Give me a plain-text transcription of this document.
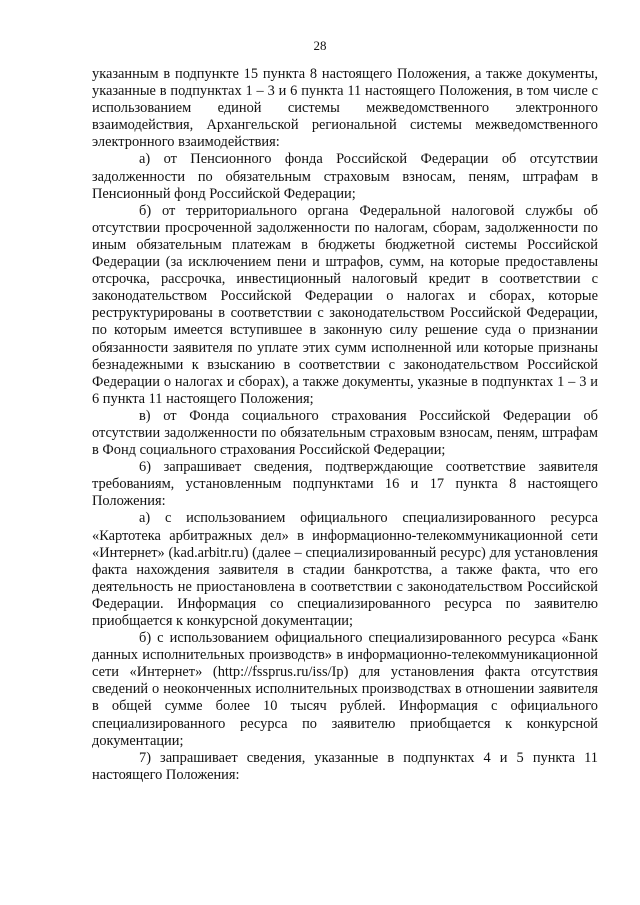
28

указанным в подпункте 15 пункта 8 настоящего Положения, а также документы, указанные в подпунктах 1 – 3 и 6 пункта 11 настоящего Положения, в том числе с использованием единой системы межведомственного электронного взаимодействия, Архангельской региональной системы межведомственного электронного взаимодействия:

а) от Пенсионного фонда Российской Федерации об отсутствии задолженности по обязательным страховым взносам, пеням, штрафам в Пенсионный фонд Российской Федерации;

б) от территориального органа Федеральной налоговой службы об отсутствии просроченной задолженности по налогам, сборам, задолженности по иным обязательным платежам в бюджеты бюджетной системы Российской Федерации (за исключением пени и штрафов, сумм, на которые предоставлены отсрочка, рассрочка, инвестиционный налоговый кредит в соответствии с законодательством Российской Федерации о налогах и сборах, которые реструктурированы в соответствии с законодательством Российской Федерации, по которым имеется вступившее в законную силу решение суда о признании обязанности заявителя по уплате этих сумм исполненной или которые признаны безнадежными к взысканию в соответствии с законодательством Российской Федерации о налогах и сборах), а также документы, указные в подпунктах 1 – 3 и 6 пункта 11 настоящего Положения;

в) от Фонда социального страхования Российской Федерации об отсутствии задолженности по обязательным страховым взносам, пеням, штрафам в Фонд социального страхования Российской Федерации;

6) запрашивает сведения, подтверждающие соответствие заявителя требованиям, установленным подпунктами 16 и 17 пункта 8 настоящего Положения:

а) с использованием официального специализированного ресурса «Картотека арбитражных дел» в информационно-телекоммуникационной сети «Интернет» (kad.arbitr.ru) (далее – специализированный ресурс) для установления факта нахождения заявителя в стадии банкротства, а также факта, что его деятельность не приостановлена в соответствии с законодательством Российской Федерации. Информация со специализированного ресурса по заявителю приобщается к конкурсной документации;

б) с использованием официального специализированного ресурса «Банк данных исполнительных производств» в информационно-телекоммуникационной сети «Интернет» (http://fssprus.ru/iss/Ip) для установления факта отсутствия сведений о неоконченных исполнительных производствах в отношении заявителя в общей сумме более 10 тысяч рублей. Информация с официального специализированного ресурса по заявителю приобщается к конкурсной документации;

7) запрашивает сведения, указанные в подпунктах 4 и 5 пункта 11 настоящего Положения:
